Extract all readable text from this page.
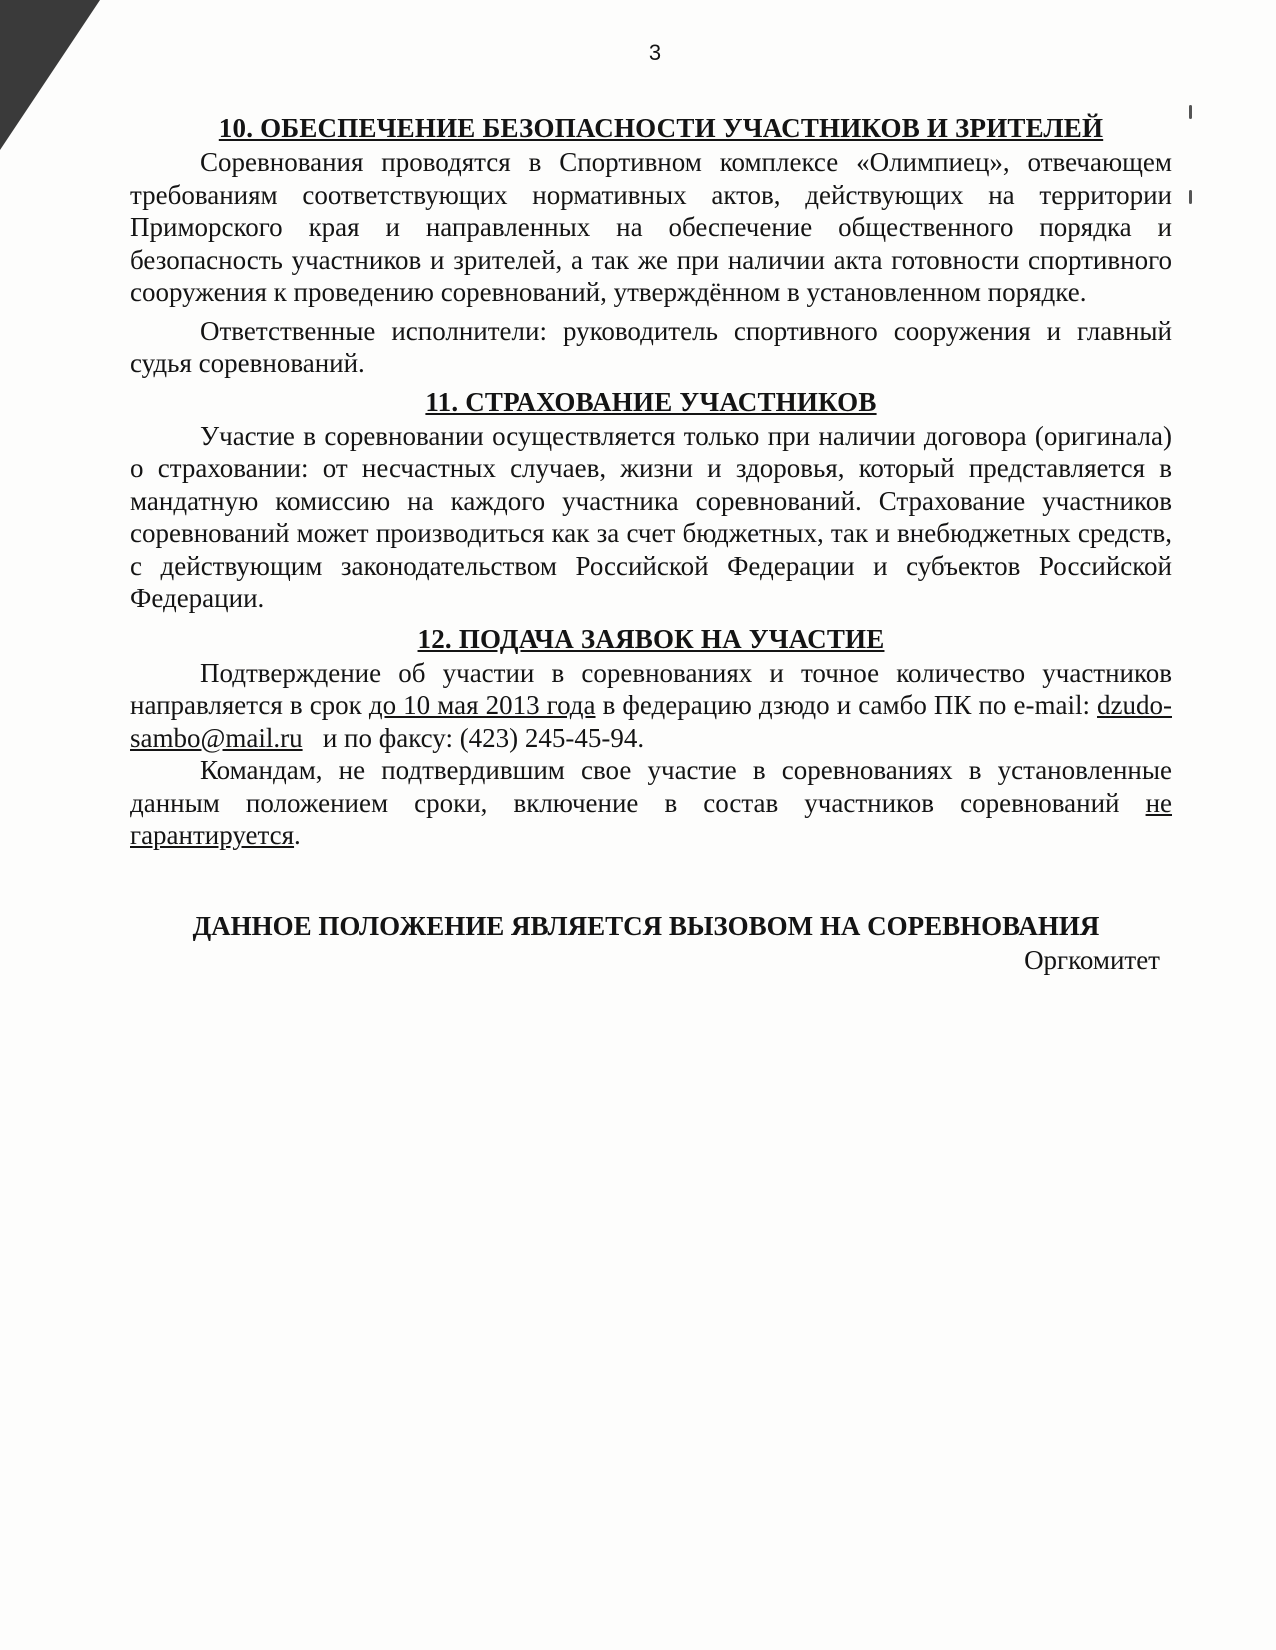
3
10. ОБЕСПЕЧЕНИЕ БЕЗОПАСНОСТИ УЧАСТНИКОВ И ЗРИТЕЛЕЙ

Соревнования проводятся в Спортивном комплексе «Олимпиец», отвечающем требованиям соответствующих нормативных актов, действующих на территории Приморского края и направленных на обеспечение общественного порядка и безопасность участников и зрителей, а так же при наличии акта готовности спортивного сооружения к проведению соревнований, утверждённом в установленном порядке.

Ответственные исполнители: руководитель спортивного сооружения и главный судья соревнований.

11. СТРАХОВАНИЕ УЧАСТНИКОВ

Участие в соревновании осуществляется только при наличии договора (оригинала) о страховании: от несчастных случаев, жизни и здоровья, который представляется в мандатную комиссию на каждого участника соревнований. Страхование участников соревнований может производиться как за счет бюджетных, так и внебюджетных средств, с действующим законодательством Российской Федерации и субъектов Российской Федерации.

12. ПОДАЧА ЗАЯВОК НА УЧАСТИЕ

Подтверждение об участии в соревнованиях и точное количество участников направляется в срок до 10 мая 2013 года в федерацию дзюдо и самбо ПК по e-mail: dzudo-sambo@mail.ru   и по факсу: (423) 245-45-94.

Командам, не подтвердившим свое участие в соревнованиях в установленные данным положением сроки, включение в состав участников соревнований не гарантируется.

ДАННОЕ ПОЛОЖЕНИЕ ЯВЛЯЕТСЯ ВЫЗОВОМ НА СОРЕВНОВАНИЯ

Оргкомитет
